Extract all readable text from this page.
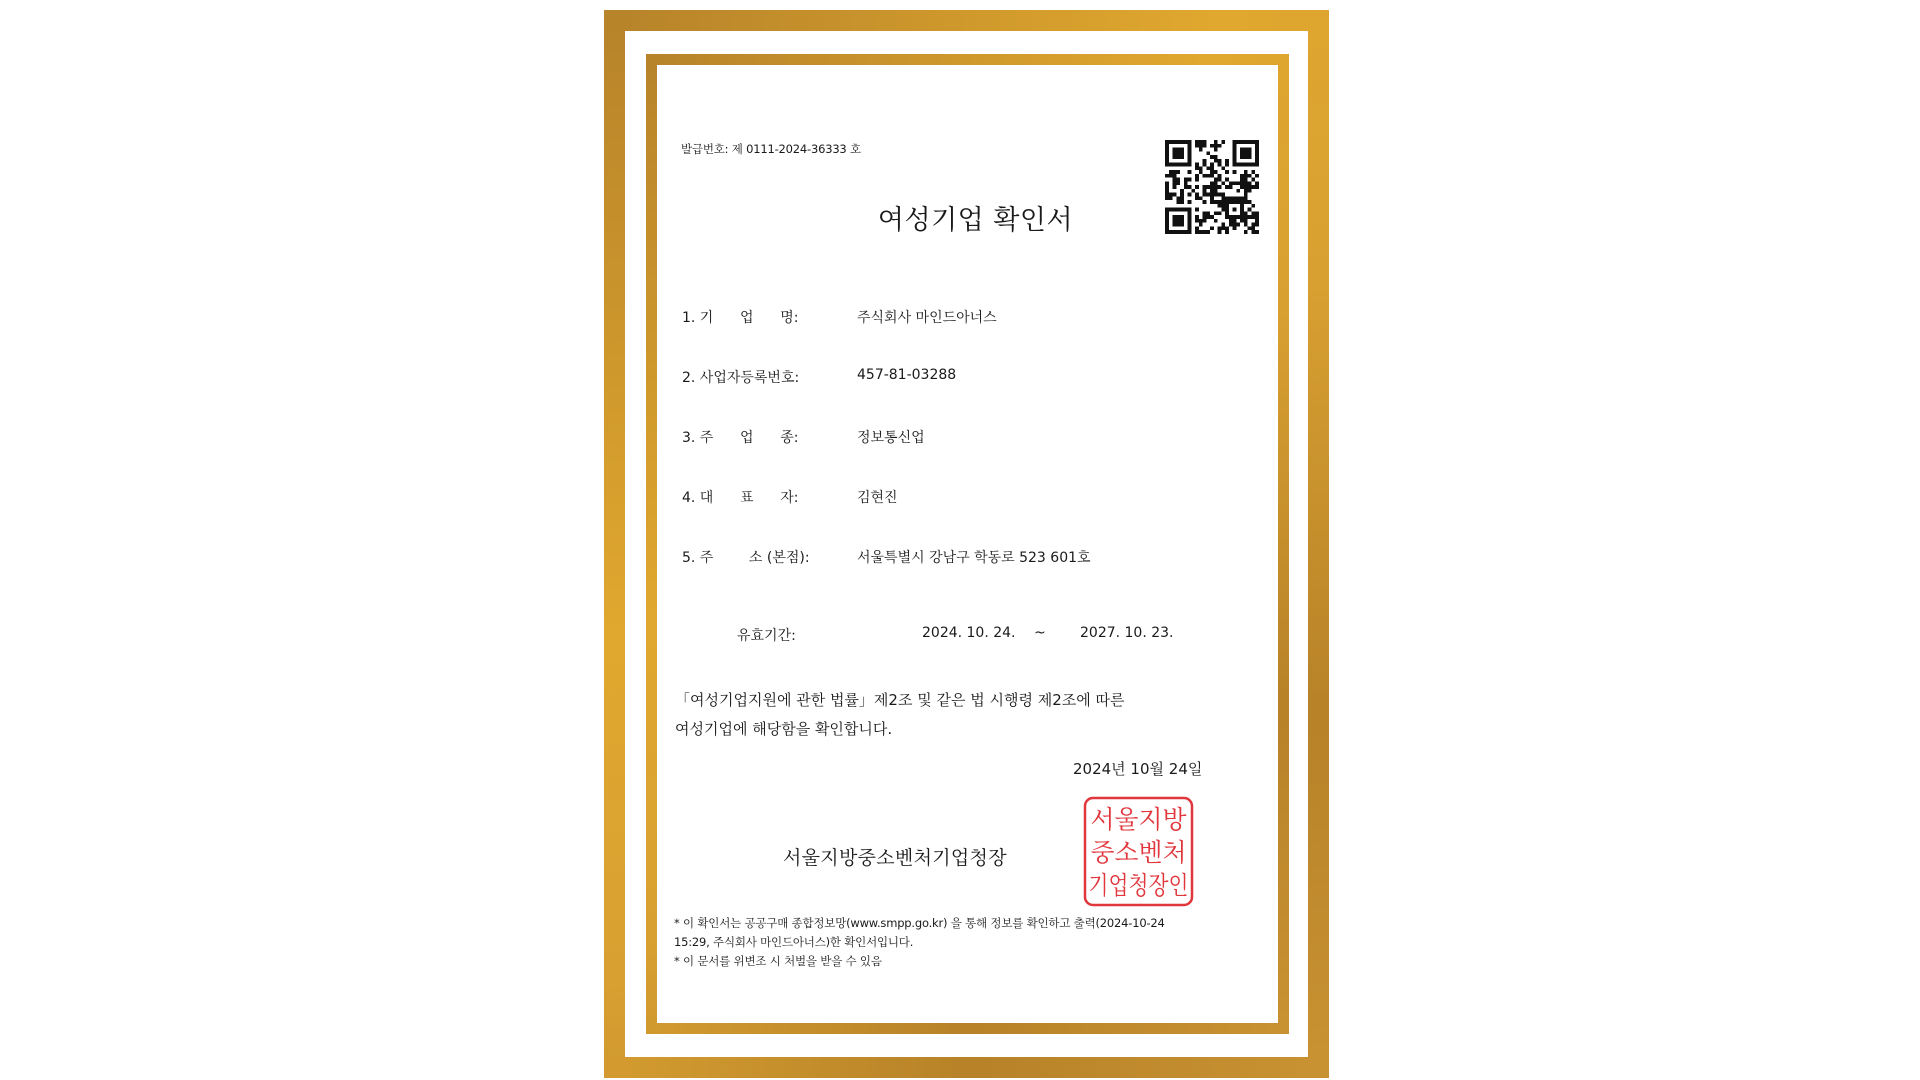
발급번호: 제 0111-2024-36333 호
여성기업 확인서
1. 기      업      명:	주식회사 마인드아너스
2. 사업자등록번호:	457-81-03288
3. 주      업      종:	정보통신업
4. 대      표      자:	김현진
5. 주        소 (본점):	서울특별시 강남구 학동로 523 601호
유효기간:	2024. 10. 24. ~ 2027. 10. 23.
「여성기업지원에 관한 법률」제2조 및 같은 법 시행령 제2조에 따른
여성기업에 해당함을 확인합니다.
2024년 10월 24일
서울지방중소벤처기업청장
서울지방
중소벤처
기업청장인

* 이 확인서는 공공구매 종합정보망(www.smpp.go.kr) 을 통해 정보를 확인하고 출력(2024-10-24

15:29, 주식회사 마인드아너스)한 확인서입니다.

* 이 문서를 위변조 시 처벌을 받을 수 있음
